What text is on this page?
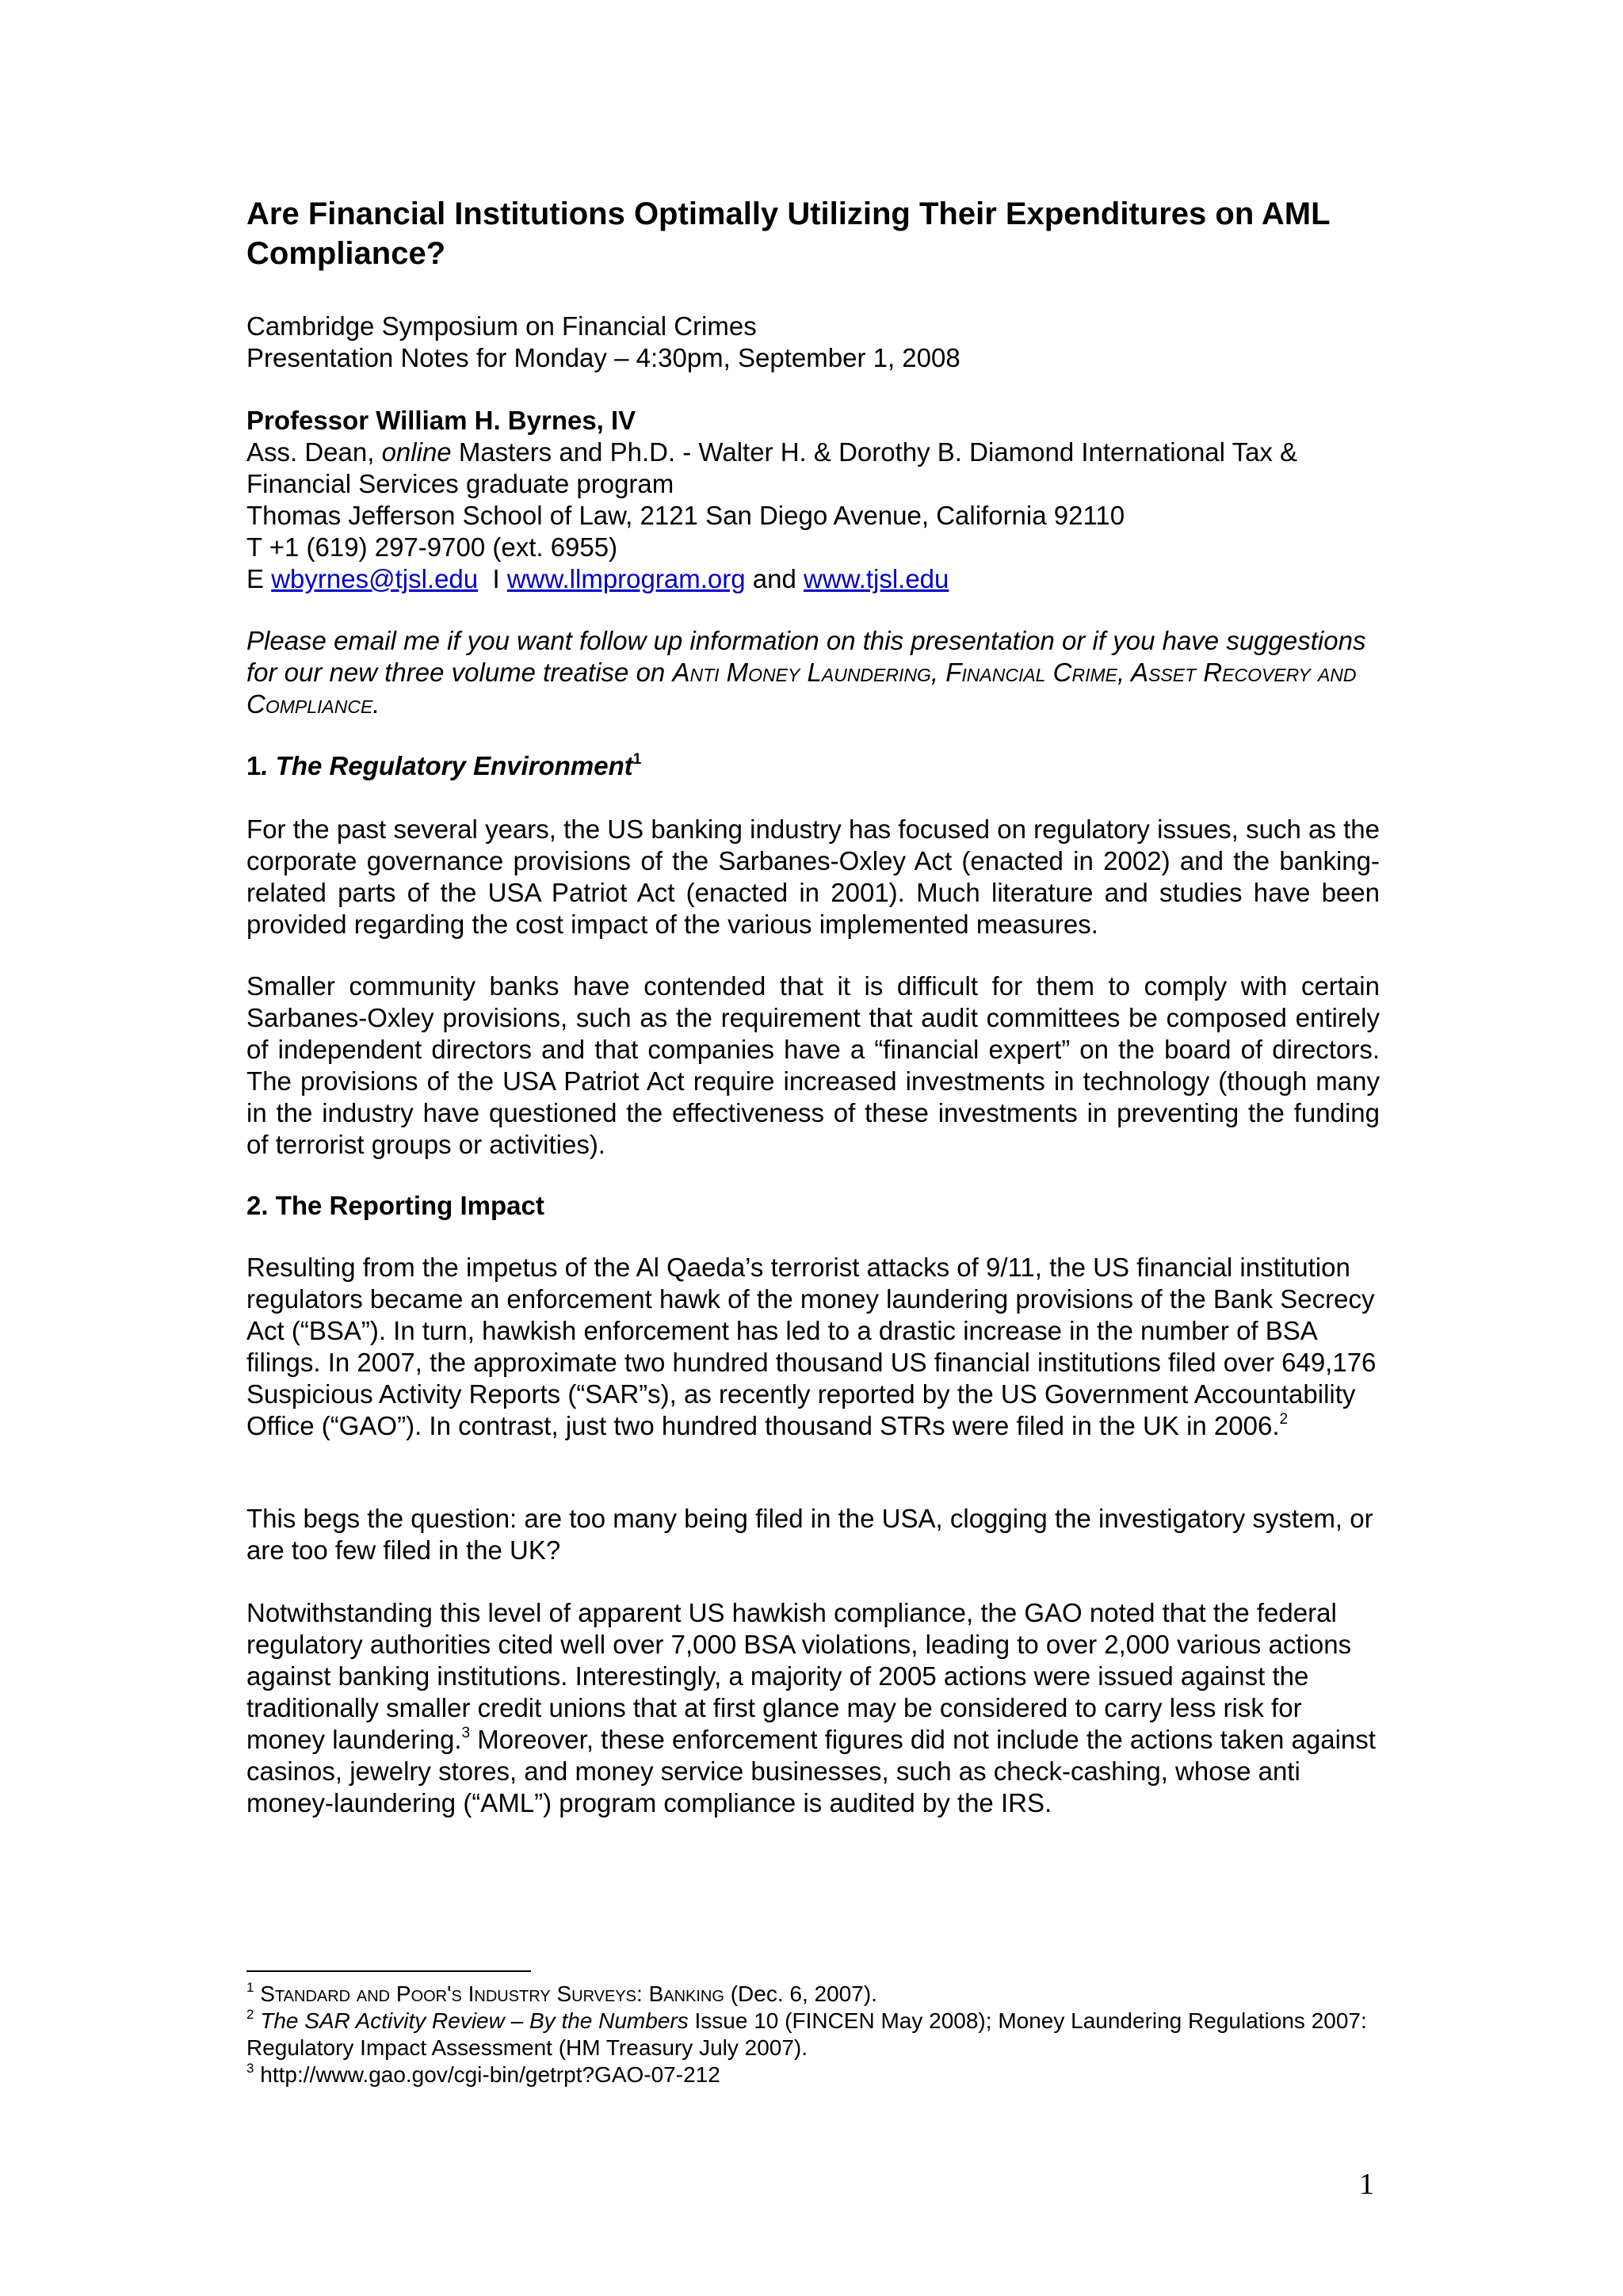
Are Financial Institutions Optimally Utilizing Their Expenditures on AML Compliance?
Cambridge Symposium on Financial Crimes
Presentation Notes for Monday – 4:30pm, September 1, 2008
Professor William H. Byrnes, IV
Ass. Dean, online Masters and Ph.D. - Walter H. & Dorothy B. Diamond International Tax & Financial Services graduate program
Thomas Jefferson School of Law, 2121 San Diego Avenue, California 92110
T +1 (619) 297-9700 (ext. 6955)
E wbyrnes@tjsl.edu I www.llmprogram.org and www.tjsl.edu
Please email me if you want follow up information on this presentation or if you have suggestions for our new three volume treatise on Anti Money Laundering, Financial Crime, Asset Recovery and Compliance.
1. The Regulatory Environment$^1$
For the past several years, the US banking industry has focused on regulatory issues, such as the corporate governance provisions of the Sarbanes-Oxley Act (enacted in 2002) and the banking-related parts of the USA Patriot Act (enacted in 2001). Much literature and studies have been provided regarding the cost impact of the various implemented measures.
Smaller community banks have contended that it is difficult for them to comply with certain Sarbanes-Oxley provisions, such as the requirement that audit committees be composed entirely of independent directors and that companies have a “financial expert” on the board of directors. The provisions of the USA Patriot Act require increased investments in technology (though many in the industry have questioned the effectiveness of these investments in preventing the funding of terrorist groups or activities).
2. The Reporting Impact
Resulting from the impetus of the Al Qaeda’s terrorist attacks of 9/11, the US financial institution regulators became an enforcement hawk of the money laundering provisions of the Bank Secrecy Act (“BSA”). In turn, hawkish enforcement has led to a drastic increase in the number of BSA filings. In 2007, the approximate two hundred thousand US financial institutions filed over 649,176 Suspicious Activity Reports (“SAR”s), as recently reported by the US Government Accountability Office (“GAO”). In contrast, just two hundred thousand STRs were filed in the UK in 2006.$^2$
This begs the question: are too many being filed in the USA, clogging the investigatory system, or are too few filed in the UK?
Notwithstanding this level of apparent US hawkish compliance, the GAO noted that the federal regulatory authorities cited well over 7,000 BSA violations, leading to over 2,000 various actions against banking institutions. Interestingly, a majority of 2005 actions were issued against the traditionally smaller credit unions that at first glance may be considered to carry less risk for money laundering.$^3$ Moreover, these enforcement figures did not include the actions taken against casinos, jewelry stores, and money service businesses, such as check-cashing, whose anti money-laundering (“AML”) program compliance is audited by the IRS.
$^1$ Standard and Poor's Industry Surveys: Banking (Dec. 6, 2007).
$^2$ The SAR Activity Review – By the Numbers Issue 10 (FINCEN May 2008); Money Laundering Regulations 2007: Regulatory Impact Assessment (HM Treasury July 2007).
$^3$ http://www.gao.gov/cgi-bin/getrpt?GAO-07-212
1
